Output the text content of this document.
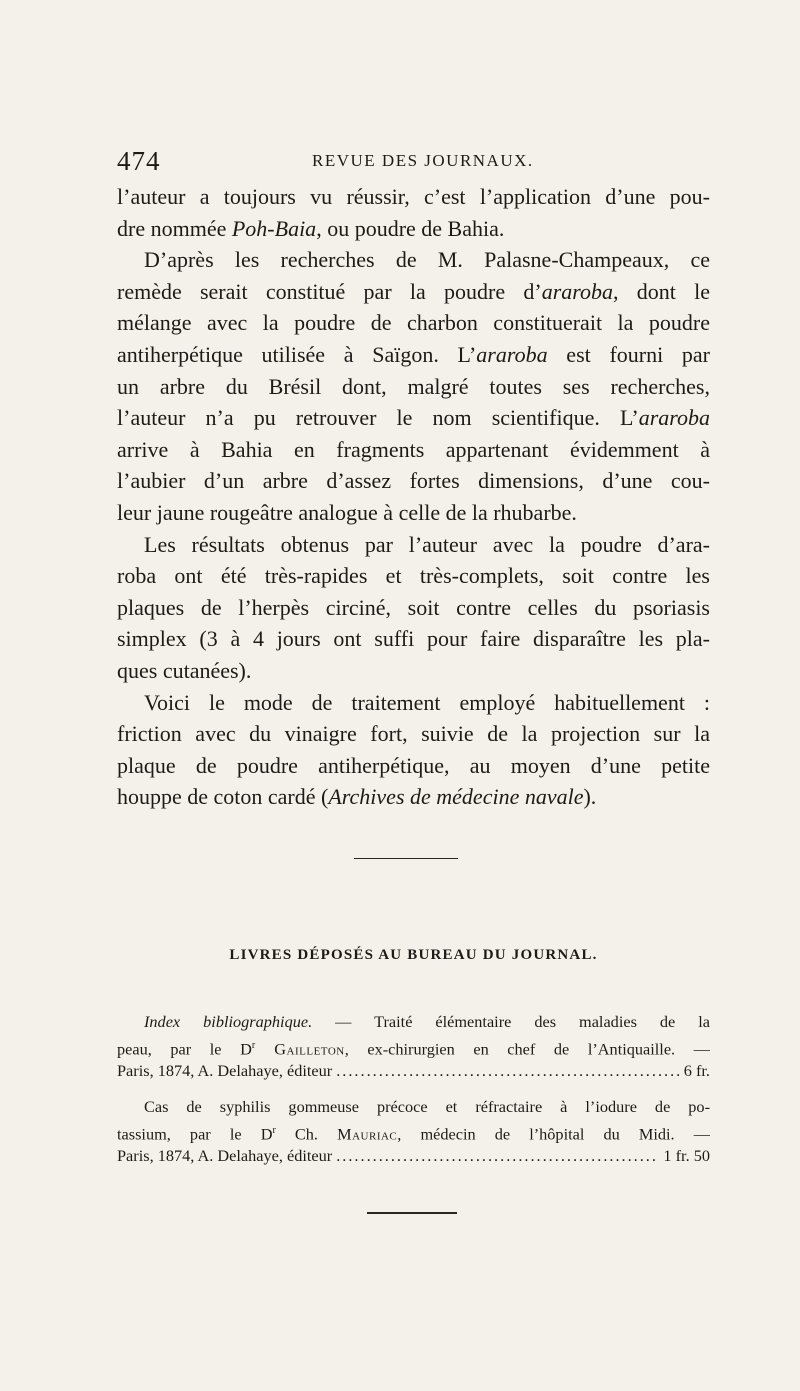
474	REVUE DES JOURNAUX.
l’auteur a toujours vu réussir, c’est l’application d’une pou-
dre nommée Poh-Baia, ou poudre de Bahia.
D’après les recherches de M. Palasne-Champeaux, ce
remède serait constitué par la poudre d’araroba, dont le
mélange avec la poudre de charbon constituerait la poudre
antiherpétique utilisée à Saïgon. L’araroba est fourni par
un arbre du Brésil dont, malgré toutes ses recherches,
l’auteur n’a pu retrouver le nom scientifique. L’araroba
arrive à Bahia en fragments appartenant évidemment à
l’aubier d’un arbre d’assez fortes dimensions, d’une cou-
leur jaune rougeâtre analogue à celle de la rhubarbe.
Les résultats obtenus par l’auteur avec la poudre d’ara-
roba ont été très-rapides et très-complets, soit contre les
plaques de l’herpès circiné, soit contre celles du psoriasis
simplex (3 à 4 jours ont suffi pour faire disparaître les pla-
ques cutanées).
Voici le mode de traitement employé habituellement :
friction avec du vinaigre fort, suivie de la projection sur la
plaque de poudre antiherpétique, au moyen d’une petite
houppe de coton cardé (Archives de médecine navale).
LIVRES DÉPOSÉS AU BUREAU DU JOURNAL.
Index bibliographique. — Traité élémentaire des maladies de la
peau, par le $D^r$ Gailleton, ex-chirurgien en chef de l’Antiquaille. —
Paris, 1874, A. Delahaye, éditeur .....	6 fr.
Cas de syphilis gommeuse précoce et réfractaire à l’iodure de po-
tassium, par le $D^r$ Ch. Mauriac, médecin de l’hôpital du Midi. —
Paris, 1874, A. Delahaye, éditeur .....	1 fr. 50
